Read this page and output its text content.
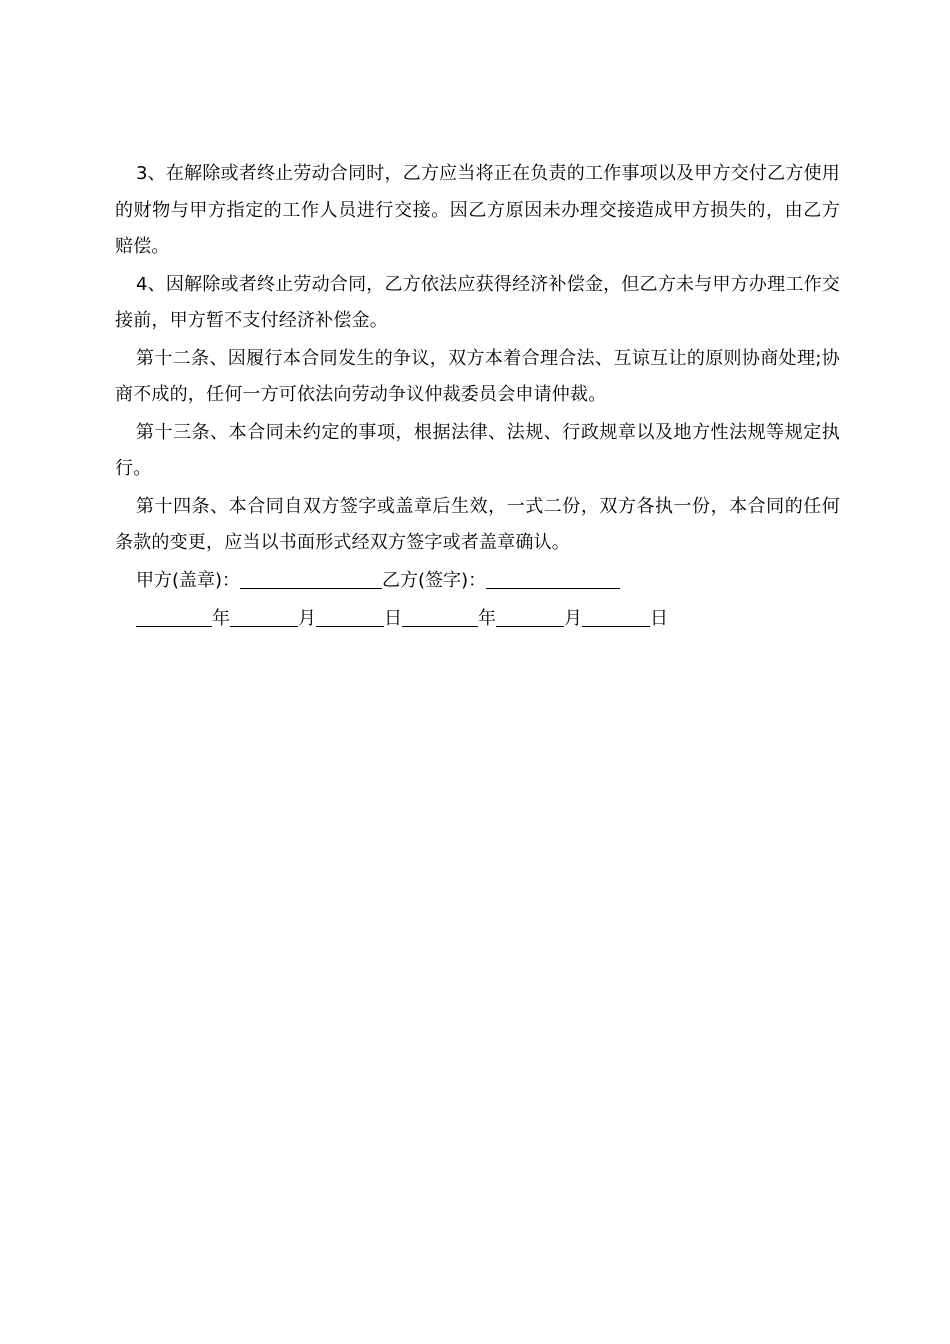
3、在解除或者终止劳动合同时，乙方应当将正在负责的工作事项以及甲方交付乙方使用的财物与甲方指定的工作人员进行交接。因乙方原因未办理交接造成甲方损失的，由乙方赔偿。

4、因解除或者终止劳动合同，乙方依法应获得经济补偿金，但乙方未与甲方办理工作交接前，甲方暂不支付经济补偿金。

第十二条、因履行本合同发生的争议，双方本着合理合法、互谅互让的原则协商处理;协商不成的，任何一方可依法向劳动争议仲裁委员会申请仲裁。

第十三条、本合同未约定的事项，根据法律、法规、行政规章以及地方性法规等规定执行。

第十四条、本合同自双方签字或盖章后生效，一式二份，双方各执一份，本合同的任何条款的变更，应当以书面形式经双方签字或者盖章确认。

甲方(盖章)：	乙方(签字)：
年	月	日	年	月	日
